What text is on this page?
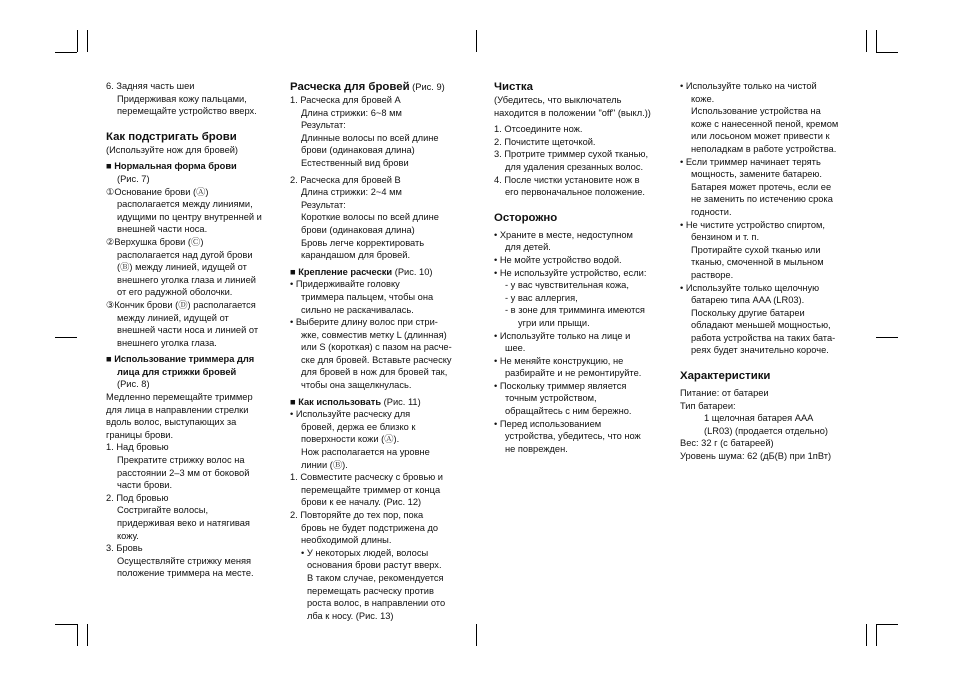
6. Задняя часть шеи
Придерживая кожу пальцами,
перемещайте устройство вверх.
Как подстригать брови
(Используйте нож для бровей)
■ Нормальная форма брови
(Рис. 7)
①Основание брови (Ⓐ)
располагается между линиями,
идущими по центру внутренней и
внешней части носа.
②Верхушка брови (Ⓒ)
располагается над дугой брови
(Ⓑ) между линией, идущей от
внешнего уголка глаза и линией
от его радужной оболочки.
③Кончик брови (Ⓓ) располагается
между линией, идущей от
внешней части носа и линией от
внешнего уголка глаза.
■ Использование триммера для
лица для стрижки бровей
(Рис. 8)
Медленно перемещайте триммер
для лица в направлении стрелки
вдоль волос, выступающих за
границы брови.
1. Над бровью
Прекратите стрижку волос на
расстоянии 2–3 мм от боковой
части брови.
2. Под бровью
Состригайте волосы,
придерживая веко и натягивая
кожу.
3. Бровь
Осуществляйте стрижку меняя
положение триммера на месте.
Расческа для бровей (Рис. 9)
1. Расческа для бровей А
Длина стрижки: 6~8 мм
Результат:
Длинные волосы по всей длине
брови (одинаковая длина)
Естественный вид брови
2. Расческа для бровей В
Длина стрижки: 2~4 мм
Результат:
Короткие волосы по всей длине
брови (одинаковая длина)
Бровь легче корректировать
карандашом для бровей.
■ Крепление расчески (Рис. 10)
• Придерживайте головку
триммера пальцем, чтобы она
сильно не раскачивалась.
• Выберите длину волос при стри-
жке, совместив метку L (длинная)
или S (короткая) с пазом на расче-
ске для бровей. Вставьте расческу
для бровей в нож для бровей так,
чтобы она защелкнулась.
■ Как использовать (Рис. 11)
• Используйте расческу для
бровей, держа ее близко к
поверхности кожи (Ⓐ).
Нож располагается на уровне
линии (Ⓑ).
1. Совместите расческу с бровью и
перемещайте триммер от конца
брови к ее началу. (Рис. 12)
2. Повторяйте до тех пор, пока
бровь не будет подстрижена до
необходимой длины.
• У некоторых людей, волосы
основания брови растут вверх.
В таком случае, рекомендуется
перемещать расческу против
роста волос, в направлении ото
лба к носу. (Рис. 13)
Чистка
(Убедитесь, что выключатель
находится в положении "off" (выкл.))
1. Отсоедините нож.
2. Почистите щеточкой.
3. Протрите триммер сухой тканью,
для удаления срезанных волос.
4. После чистки установите нож в
его первоначальное положение.
Осторожно
• Храните в месте, недоступном
для детей.
• Не мойте устройство водой.
• Не используйте устройство, если:
- у вас чувствительная кожа,
- у вас аллергия,
- в зоне для тримминга имеются
угри или прыщи.
• Используйте только на лице и
шее.
• Не меняйте конструкцию, не
разбирайте и не ремонтируйте.
• Поскольку триммер является
точным устройством,
обращайтесь с ним бережно.
• Перед использованием
устройства, убедитесь, что нож
не поврежден.
• Используйте только на чистой
коже.
Использование устройства на
коже с нанесенной пеной, кремом
или лосьоном может привести к
неполадкам в работе устройства.
• Если триммер начинает терять
мощность, замените батарею.
Батарея может протечь, если ее
не заменить по истечению срока
годности.
• Не чистите устройство спиртом,
бензином и т. п.
Протирайте сухой тканью или
тканью, смоченной в мыльном
растворе.
• Используйте только щелочную
батарею типа AAA (LR03).
Поскольку другие батареи
обладают меньшей мощностью,
работа устройства на таких бата-
реях будет значительно короче.
Характеристики
Питание: от батареи
Тип батареи:
1 щелочная батарея AAA
(LR03) (продается отдельно)
Вес: 32 г (с батареей)
Уровень шума: 62 (дБ(B) при 1пВт)
